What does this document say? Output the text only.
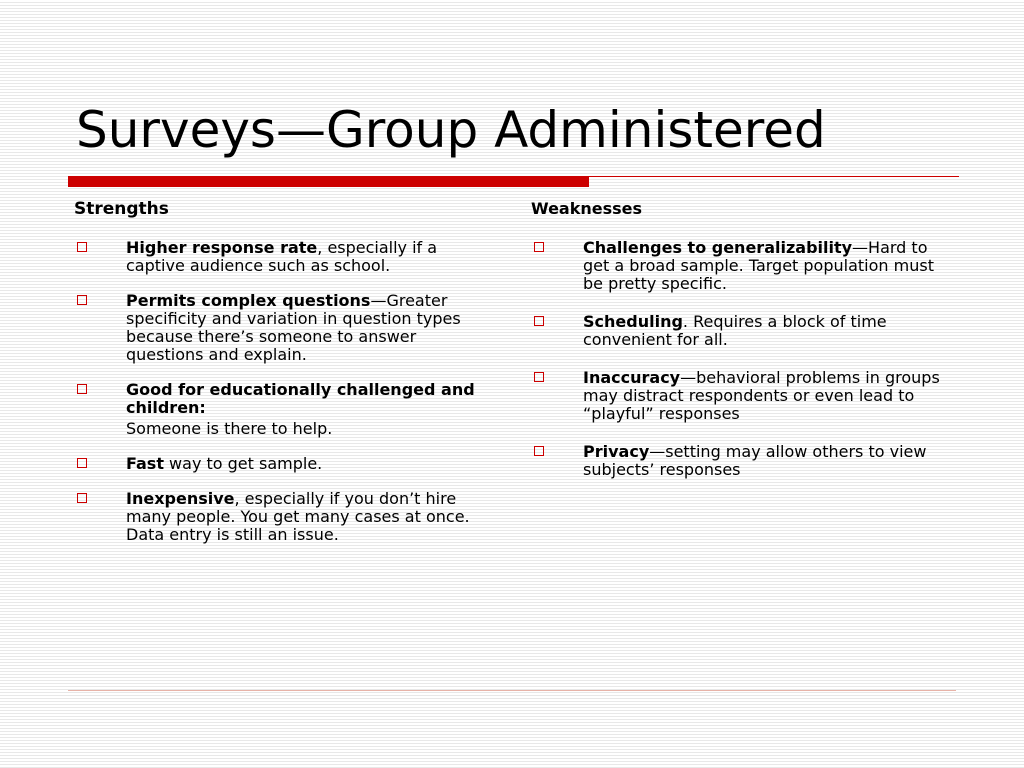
Surveys—Group Administered

Strengths

Higher response rate, especially if a captive audience such as school.

Permits complex questions—Greater specificity and variation in question types because there’s someone to answer questions and explain.

Good for educationally challenged and children:

Someone is there to help.

Fast way to get sample.

Inexpensive, especially if you don’t hire many people. You get many cases at once. Data entry is still an issue.

Weaknesses

Challenges to generalizability—Hard to get a broad sample. Target population must be pretty specific.

Scheduling. Requires a block of time convenient for all.

Inaccuracy—behavioral problems in groups may distract respondents or even lead to “playful” responses

Privacy—setting may allow others to view subjects’ responses
